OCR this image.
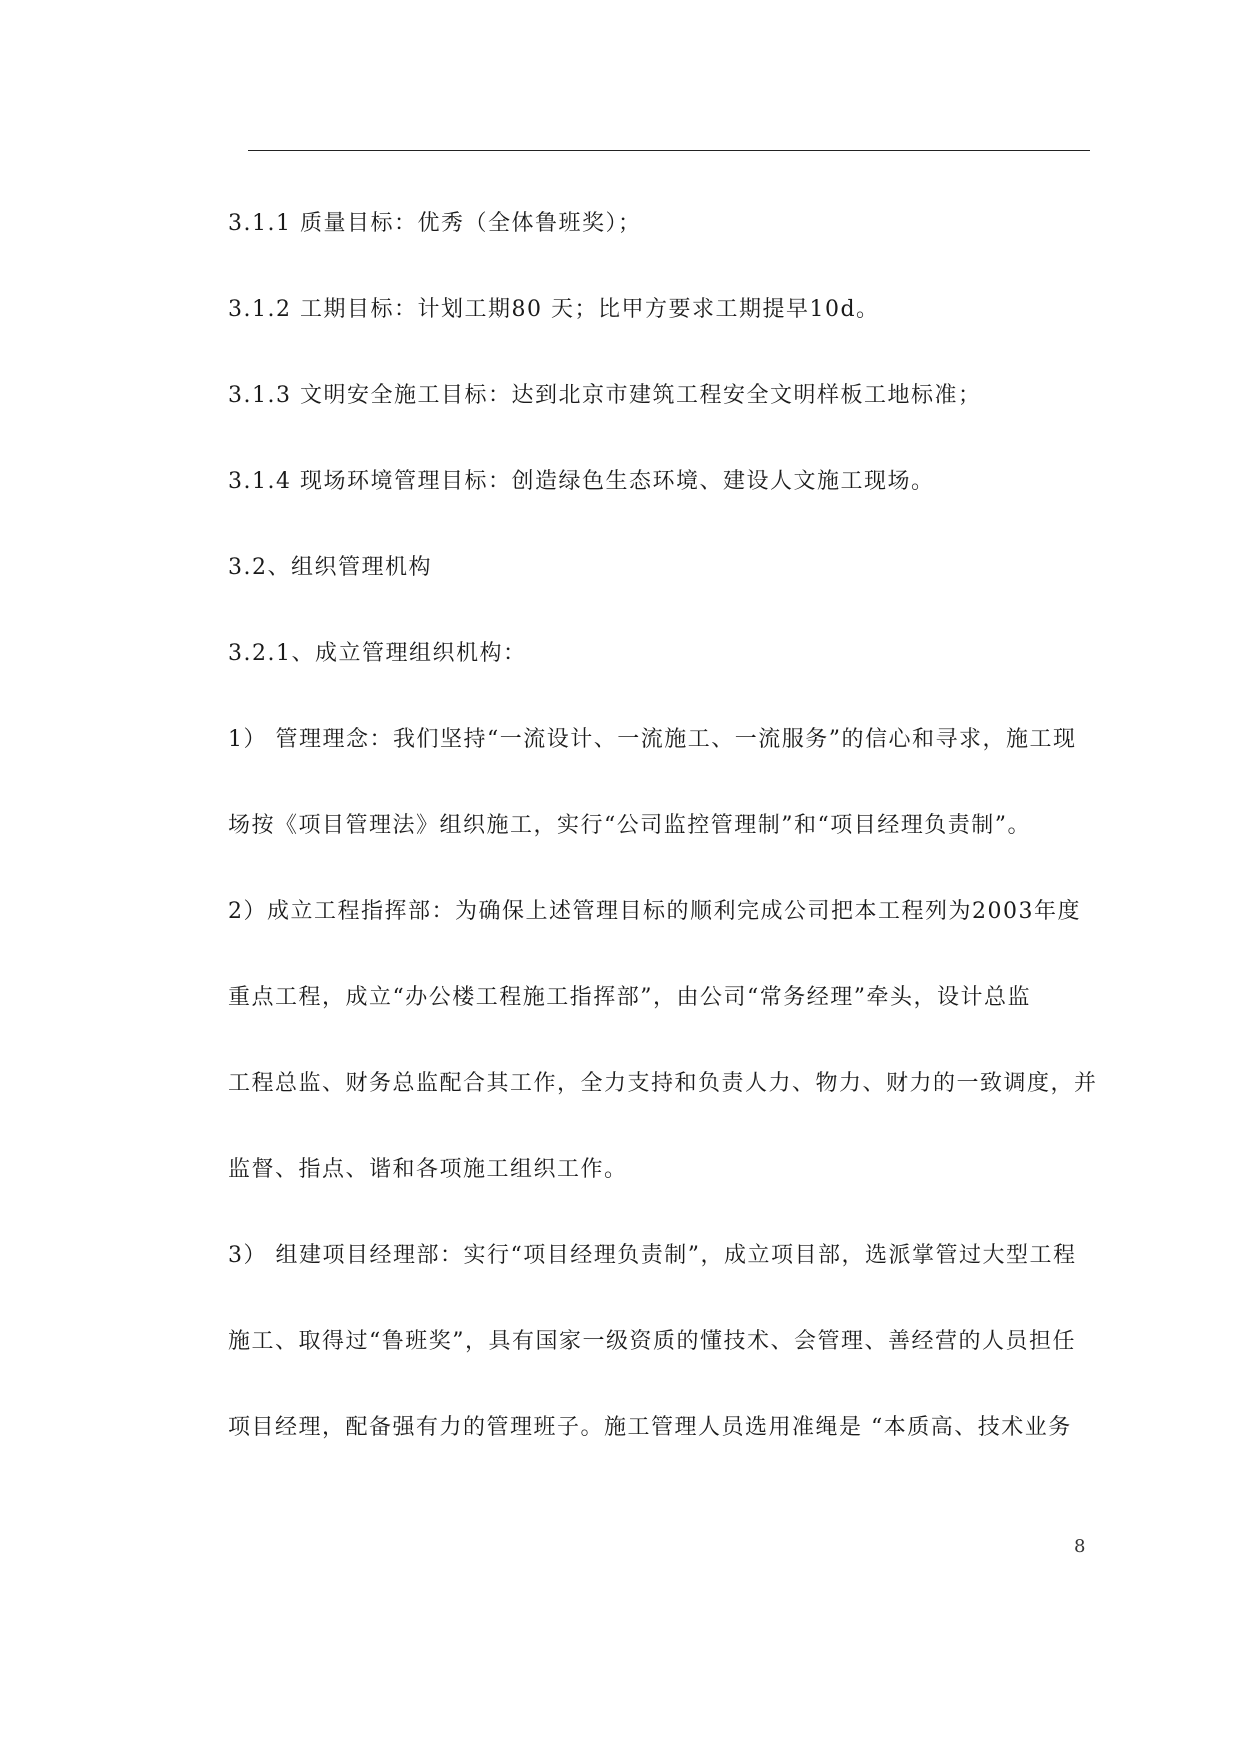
3.1.1 质量目标：优秀（全体鲁班奖）；
3.1.2 工期目标：计划工期80 天；比甲方要求工期提早10d。
3.1.3 文明安全施工目标：达到北京市建筑工程安全文明样板工地标准；
3.1.4 现场环境管理目标：创造绿色生态环境、建设人文施工现场。
3.2、组织管理机构
3.2.1、成立管理组织机构：
1） 管理理念：我们坚持“一流设计、一流施工、一流服务”的信心和寻求，施工现
场按《项目管理法》组织施工，实行“公司监控管理制”和“项目经理负责制”。
2）成立工程指挥部：为确保上述管理目标的顺利完成公司把本工程列为2003年度
重点工程，成立“办公楼工程施工指挥部”，由公司“常务经理”牵头，设计总监
工程总监、财务总监配合其工作，全力支持和负责人力、物力、财力的一致调度，并
监督、指点、谐和各项施工组织工作。
3） 组建项目经理部：实行“项目经理负责制”，成立项目部，选派掌管过大型工程
施工、取得过“鲁班奖”，具有国家一级资质的懂技术、会管理、善经营的人员担任
项目经理，配备强有力的管理班子。施工管理人员选用准绳是 “本质高、技术业务
8
